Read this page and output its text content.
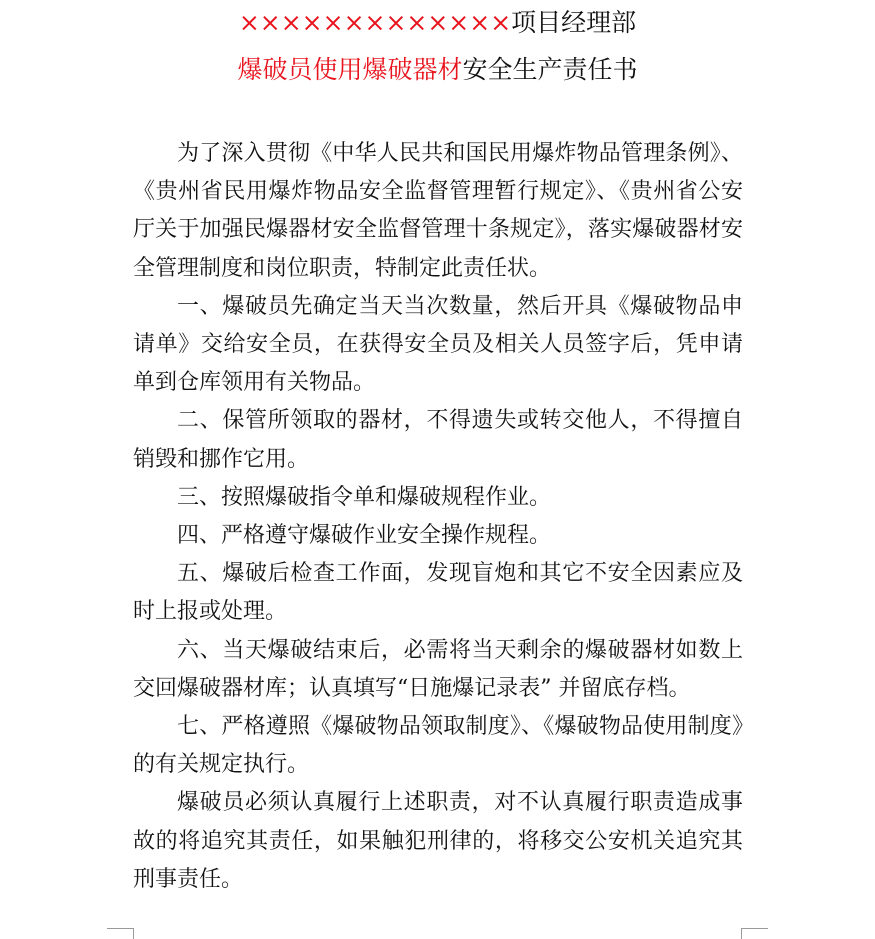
×××××××××××××项目经理部
爆破员使用爆破器材安全生产责任书

为了深入贯彻《中华人民共和国民用爆炸物品管理条例》、《贵州省民用爆炸物品安全监督管理暂行规定》、《贵州省公安厅关于加强民爆器材安全监督管理十条规定》，落实爆破器材安全管理制度和岗位职责，特制定此责任状。

一、爆破员先确定当天当次数量，然后开具《爆破物品申请单》交给安全员，在获得安全员及相关人员签字后，凭申请单到仓库领用有关物品。

二、保管所领取的器材，不得遗失或转交他人，不得擅自销毁和挪作它用。

三、按照爆破指令单和爆破规程作业。

四、严格遵守爆破作业安全操作规程。

五、爆破后检查工作面，发现盲炮和其它不安全因素应及时上报或处理。

六、当天爆破结束后，必需将当天剩余的爆破器材如数上交回爆破器材库；认真填写“日施爆记录表” 并留底存档。

七、严格遵照《爆破物品领取制度》、《爆破物品使用制度》的有关规定执行。

爆破员必须认真履行上述职责，对不认真履行职责造成事故的将追究其责任，如果触犯刑律的，将移交公安机关追究其刑事责任。
